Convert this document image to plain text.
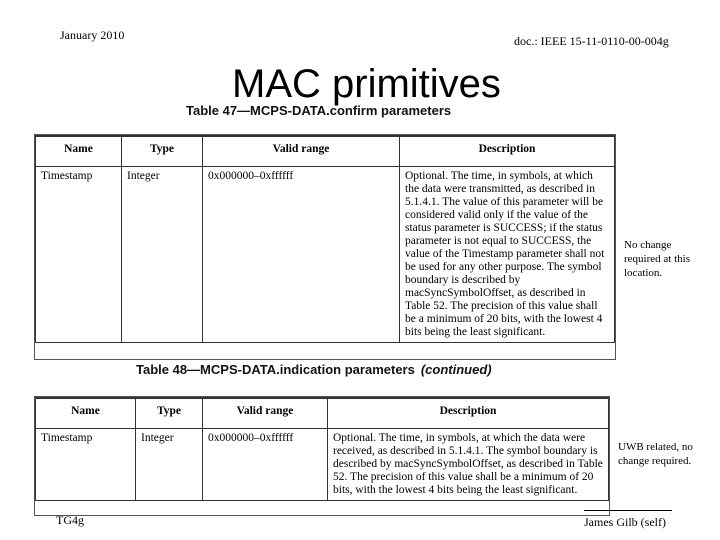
January 2010	doc.: IEEE 15-11-0110-00-004g
MAC primitives
Table 47—MCPS-DATA.confirm parameters
Name	Type	Valid range	Description
Timestamp	Integer	0x000000–0xffffff	Optional. The time, in symbols, at which the data were transmitted, as described in 5.1.4.1. The value of this parameter will be considered valid only if the value of the status parameter is SUCCESS; if the status parameter is not equal to SUCCESS, the value of the Timestamp parameter shall not be used for any other purpose. The symbol boundary is described by macSyncSymbolOffset, as described in Table 52. The precision of this value shall be a minimum of 20 bits, with the lowest 4 bits being the least significant.
No change required at this location.
Table 48—MCPS-DATA.indication parameters (continued)
Name	Type	Valid range	Description
Timestamp	Integer	0x000000–0xffffff	Optional. The time, in symbols, at which the data were received, as described in 5.1.4.1. The symbol boundary is described by macSyncSymbolOffset, as described in Table 52. The precision of this value shall be a minimum of 20 bits, with the lowest 4 bits being the least significant.
UWB related, no change required.
TG4g	James Gilb (self)
